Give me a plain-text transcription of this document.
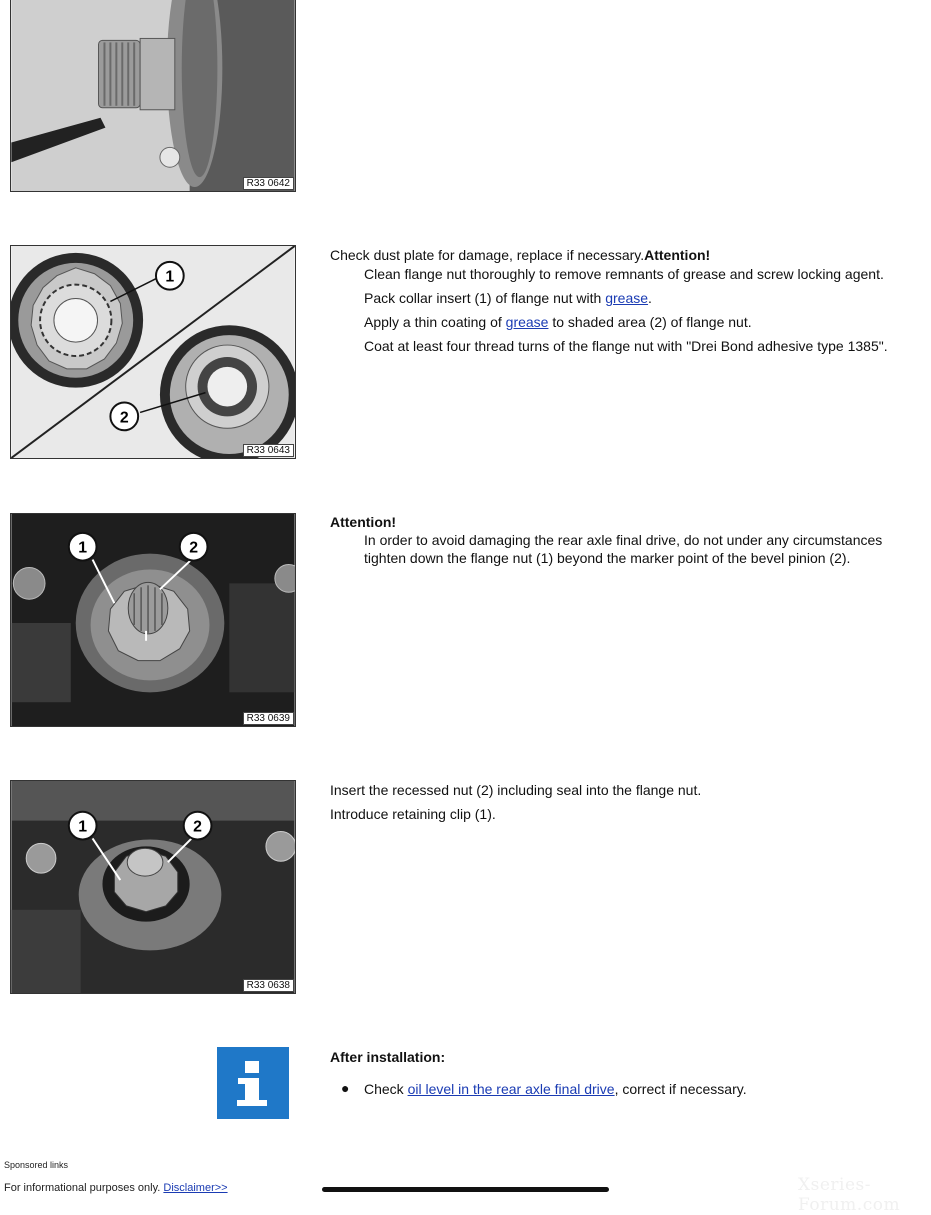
R33 0642
1
2
R33 0643
1	2
R33 0639
1	2
R33 0638
Check dust plate for damage, replace if necessary.Attention!
Clean flange nut thoroughly to remove remnants of grease and screw locking agent.
Pack collar insert (1) of flange nut with grease.
Apply a thin coating of grease to shaded area (2) of flange nut.
Coat at least four thread turns of the flange nut with "Drei Bond adhesive type 1385".
Attention!
In order to avoid damaging the rear axle final drive, do not under any circumstances tighten down the flange nut (1) beyond the marker point of the bevel pinion (2).
Insert the recessed nut (2) including seal into the flange nut.
Introduce retaining clip (1).
After installation:
● Check oil level in the rear axle final drive, correct if necessary.
Sponsored links
For informational purposes only. Disclaimer>>	Xseries-Forum.com
